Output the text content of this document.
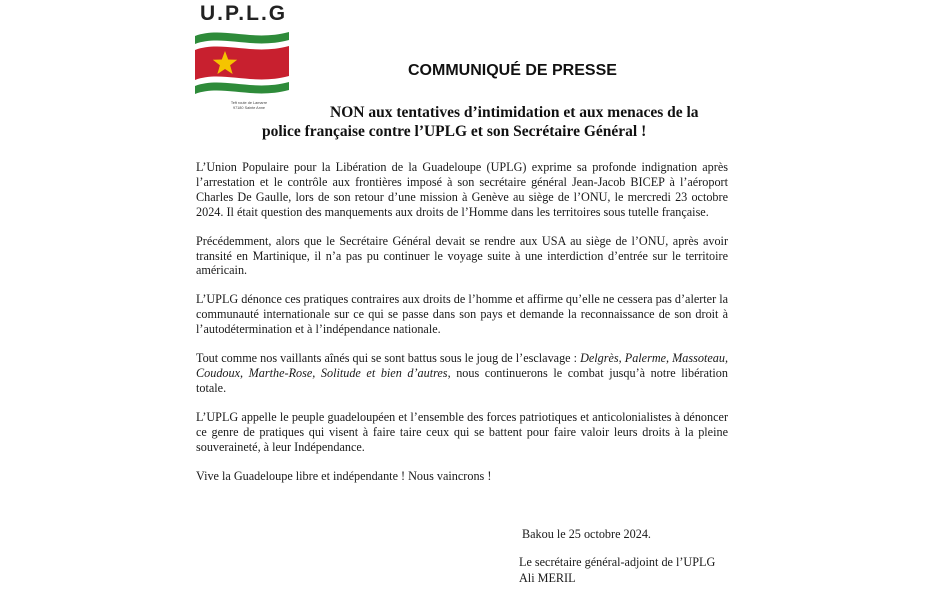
U.P.L.G
Teft route de Lamarre
97180 Sainte Anne
COMMUNIQUÉ DE PRESSE
NON aux tentatives d’intimidation et aux menaces de la
police française contre l’UPLG et son Secrétaire Général !

L’Union Populaire pour la Libération de la Guadeloupe (UPLG) exprime sa profonde indignation après l’arrestation et le contrôle aux frontières imposé à son secrétaire général Jean-Jacob BICEP à l’aéroport Charles De Gaulle, lors de son retour d’une mission à Genève au siège de l’ONU, le mercredi 23 octobre 2024. Il était question des manquements aux droits de l’Homme dans les territoires sous tutelle française.

Précédemment, alors que le Secrétaire Général devait se rendre aux USA au siège de l’ONU, après avoir transité en Martinique, il n’a pas pu continuer le voyage suite à une interdiction d’entrée sur le territoire américain.

L’UPLG dénonce ces pratiques contraires aux droits de l’homme et affirme qu’elle ne cessera pas d’alerter la communauté internationale sur ce qui se passe dans son pays et demande la reconnaissance de son droit à l’autodétermination et à l’indépendance nationale.

Tout comme nos vaillants aînés qui se sont battus sous le joug de l’esclavage : Delgrès, Palerme, Massoteau, Coudoux, Marthe-Rose, Solitude et bien d’autres, nous continuerons le combat jusqu’à notre libération totale.

L’UPLG appelle le peuple guadeloupéen et l’ensemble des forces patriotiques et anticolonialistes à dénoncer ce genre de pratiques qui visent à faire taire ceux qui se battent pour faire valoir leurs droits à la pleine souveraineté, à leur Indépendance.

Vive la Guadeloupe libre et indépendante ! Nous vaincrons !

Bakou le 25 octobre 2024.
Le secrétaire général-adjoint de l’UPLG
Ali MERIL
